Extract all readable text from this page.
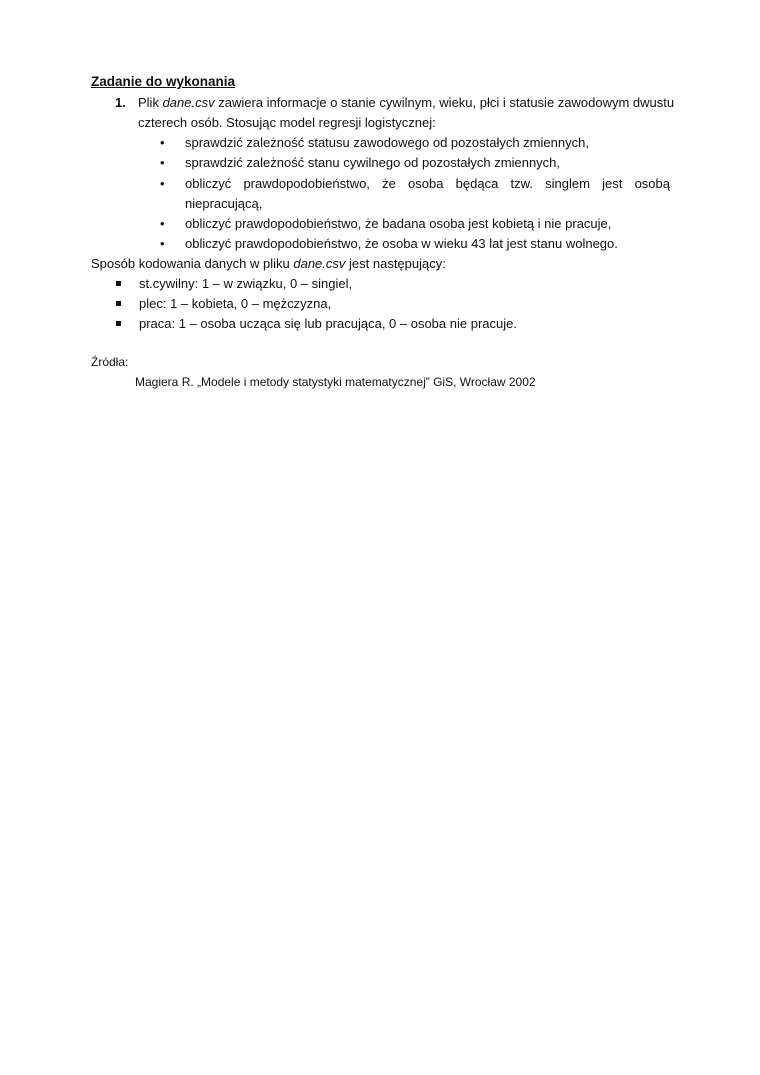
Zadanie do wykonania
1. Plik dane.csv zawiera informacje o stanie cywilnym, wieku, płci i statusie zawodowym dwustu
czterech osób. Stosując model regresji logistycznej:
• sprawdzić zależność statusu zawodowego od pozostałych zmiennych,
• sprawdzić zależność stanu cywilnego od pozostałych zmiennych,
• obliczyć prawdopodobieństwo, że osoba będąca tzw. singlem jest osobą
niepracującą,
• obliczyć prawdopodobieństwo, że badana osoba jest kobietą i nie pracuje,
• obliczyć prawdopodobieństwo, że osoba w wieku 43 lat jest stanu wolnego.
Sposób kodowania danych w pliku dane.csv jest następujący:
st.cywilny: 1 – w związku, 0 – singiel,
plec: 1 – kobieta, 0 – mężczyzna,
praca: 1 – osoba ucząca się lub pracująca, 0 – osoba nie pracuje.
Źródła:
Magiera R. „Modele i metody statystyki matematycznej” GiS, Wrocław 2002
